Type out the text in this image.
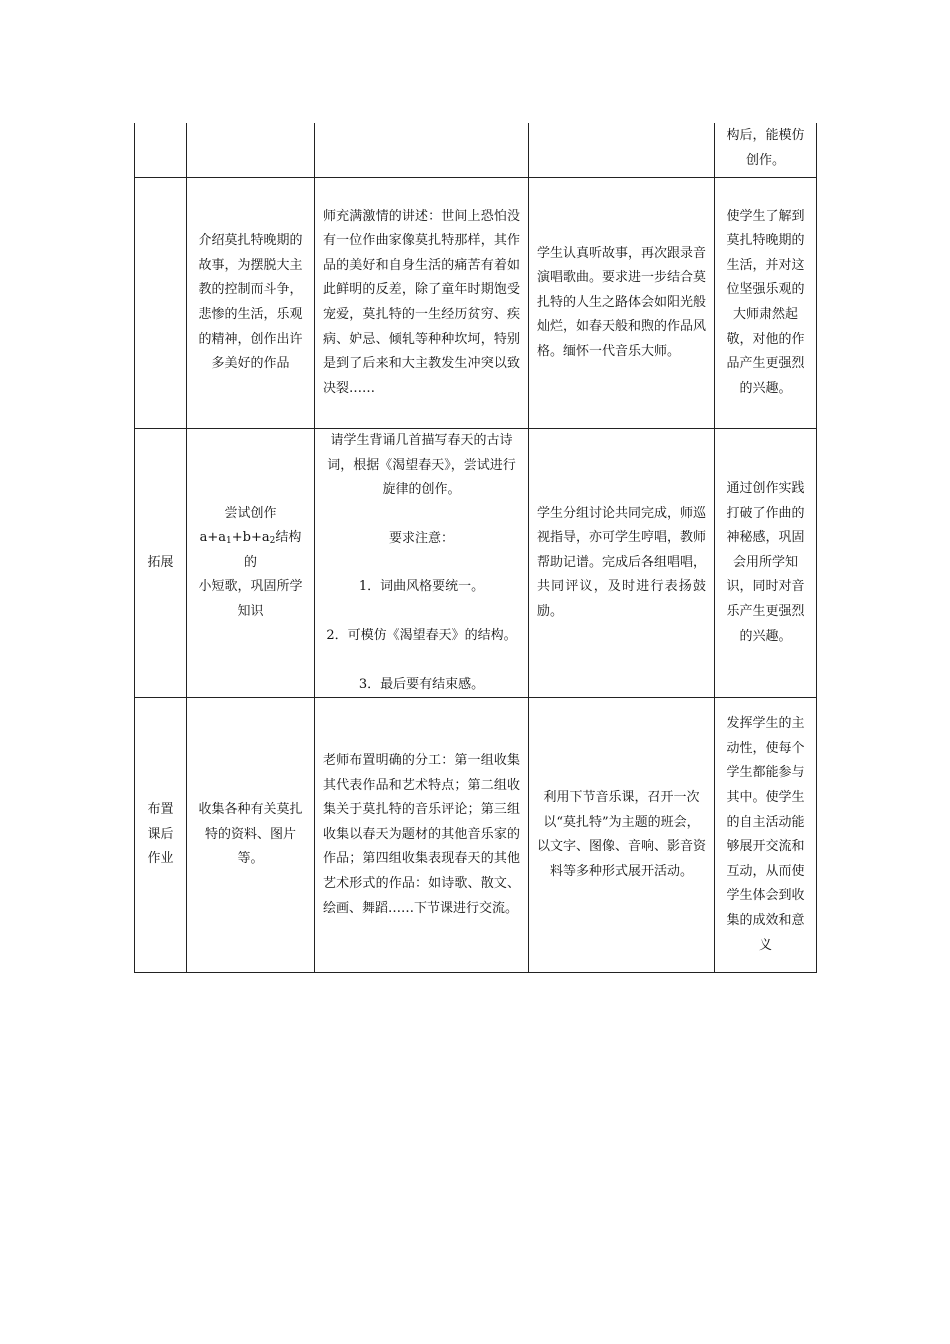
				构后，能模仿创作。
	介绍莫扎特晚期的故事，为摆脱大主教的控制而斗争，悲惨的生活，乐观的精神，创作出许多美好的作品	师充满激情的讲述：世间上恐怕没有一位作曲家像莫扎特那样，其作品的美好和自身生活的痛苦有着如此鲜明的反差，除了童年时期饱受宠爱，莫扎特的一生经历贫穷、疾病、妒忌、倾轧等种种坎坷，特别是到了后来和大主教发生冲突以致决裂……	学生认真听故事，再次跟录音演唱歌曲。要求进一步结合莫扎特的人生之路体会如阳光般灿烂，如春天般和煦的作品风格。缅怀一代音乐大师。	使学生了解到莫扎特晚期的生活，并对这位坚强乐观的大师肃然起敬，对他的作品产生更强烈的兴趣。
拓展	尝试创作
$a+a_1+b+a_2$结构的
小短歌，巩固所学知识	请学生背诵几首描写春天的古诗词，根据《渴望春天》，尝试进行旋律的创作。
要求注意：
1．词曲风格要统一。
2．可模仿《渴望春天》的结构。
3．最后要有结束感。	学生分组讨论共同完成，师巡视指导，亦可学生哼唱，教师帮助记谱。完成后各组唱唱，共同评议，及时进行表扬鼓励。	通过创作实践打破了作曲的神秘感，巩固会用所学知识，同时对音乐产生更强烈的兴趣。
布置课后作业	收集各种有关莫扎特的资料、图片等。	老师布置明确的分工：第一组收集其代表作品和艺术特点；第二组收集关于莫扎特的音乐评论；第三组收集以春天为题材的其他音乐家的作品；第四组收集表现春天的其他艺术形式的作品：如诗歌、散文、绘画、舞蹈……下节课进行交流。	利用下节音乐课，召开一次以“莫扎特”为主题的班会，以文字、图像、音响、影音资料等多种形式展开活动。	发挥学生的主动性，使每个学生都能参与其中。使学生的自主活动能够展开交流和互动，从而使学生体会到收集的成效和意义
